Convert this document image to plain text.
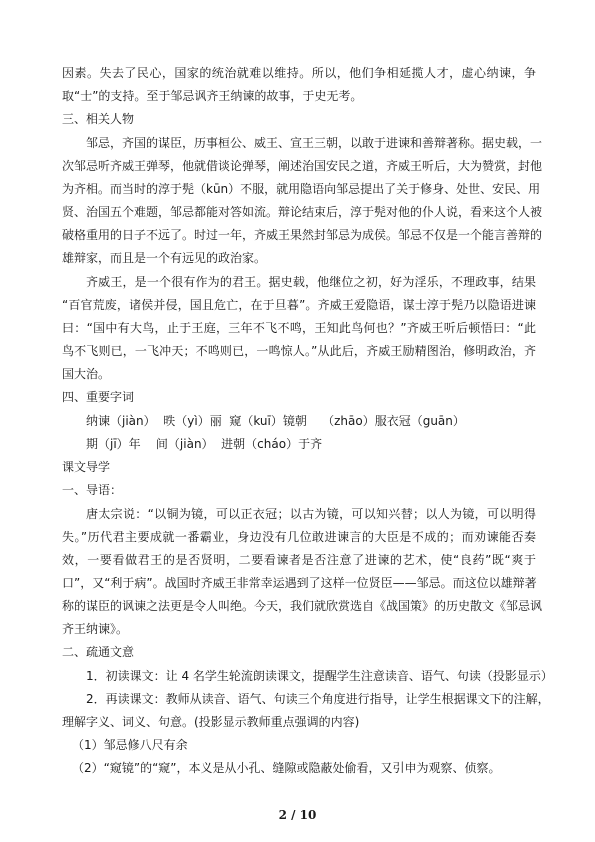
因素。失去了民心，国家的统治就难以维持。所以，他们争相延揽人才，虚心纳谏，争
取“士”的支持。至于邹忌讽齐王纳谏的故事，于史无考。
三、相关人物
邹忌，齐国的谋臣，历事桓公、威王、宣王三朝，以敢于进谏和善辩著称。据史载，一
次邹忌听齐威王弹琴，他就借谈论弹琴，阐述治国安民之道，齐威王听后，大为赞赏，封他
为齐相。而当时的淳于髡（kūn）不服，就用隐语向邹忌提出了关于修身、处世、安民、用
贤、治国五个难题，邹忌都能对答如流。辩论结束后，淳于髡对他的仆人说，看来这个人被
破格重用的日子不远了。时过一年，齐威王果然封邹忌为成侯。邹忌不仅是一个能言善辩的
雄辩家，而且是一个有远见的政治家。
齐威王，是一个很有作为的君王。据史载，他继位之初，好为淫乐，不理政事，结果
“百官荒废，诸侯并侵，国且危亡，在于旦暮”。齐威王爱隐语，谋士淳于髡乃以隐语进谏
曰：“国中有大鸟，止于王庭，三年不飞不鸣，王知此鸟何也？”齐威王听后顿悟曰：“此
鸟不飞则已，一飞冲天；不鸣则已，一鸣惊人。”从此后，齐威王励精图治，修明政治，齐
国大治。
四、重要字词
纳谏（jiàn）  昳（yì）丽  窥（kuī）镜朝    （zhāo）服衣冠（guān）
期（jī）年    间（jiàn）  进朝（cháo）于齐
课文导学
一、导语：
唐太宗说：“以铜为镜，可以正衣冠；以古为镜，可以知兴替；以人为镜，可以明得
失。”历代君主要成就一番霸业，身边没有几位敢进谏言的大臣是不成的；而劝谏能否奏
效，一要看做君王的是否贤明，二要看谏者是否注意了进谏的艺术，使“良药”既“爽于
口”，又“利于病”。战国时齐威王非常幸运遇到了这样一位贤臣——邹忌。而这位以雄辩著
称的谋臣的讽谏之法更是令人叫绝。今天，我们就欣赏选自《战国策》的历史散文《邹忌讽
齐王纳谏》。
二、疏通文意
1．初读课文：让 4 名学生轮流朗读课文，提醒学生注意读音、语气、句读（投影显示）
2．再读课文：教师从读音、语气、句读三个角度进行指导，让学生根据课文下的注解，
理解字义、词义、句意。(投影显示教师重点强调的内容)
（1）邹忌修八尺有余
（2）“窥镜”的“窥”，本义是从小孔、缝隙或隐蔽处偷看，又引申为观察、侦察。
2 / 10
